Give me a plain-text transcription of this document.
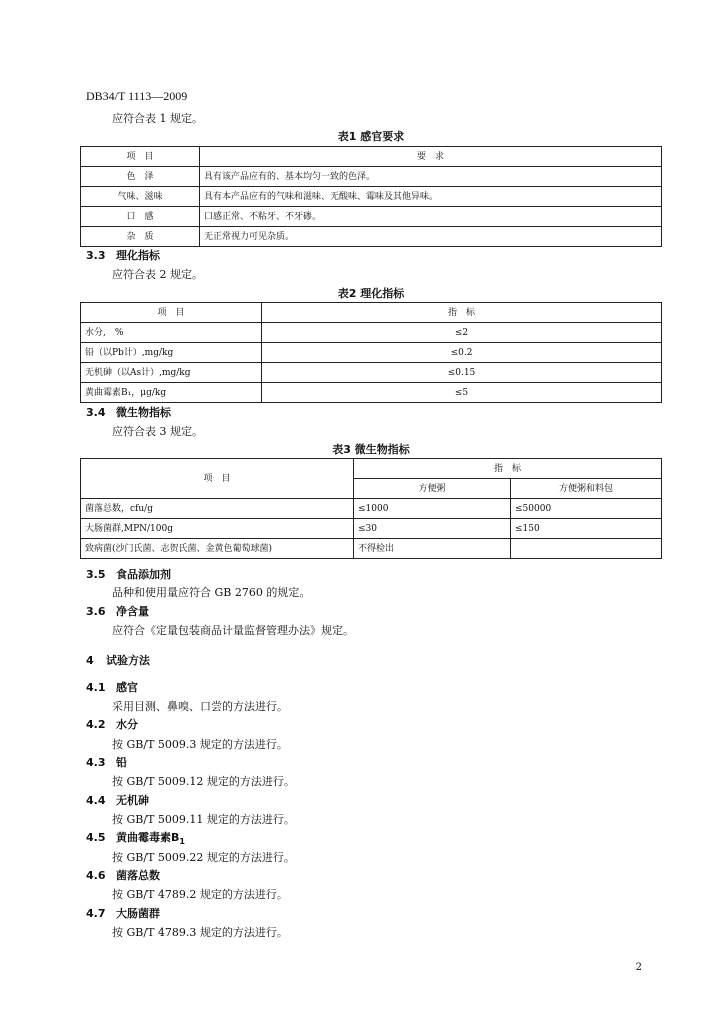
DB34/T 1113—2009
应符合表 1 规定。
表1 感官要求
项　目	要　求
色　泽	具有该产品应有的、基本均匀一致的色泽。
气味、滋味	具有本产品应有的气味和滋味、无酸味、霉味及其他异味。
口　感	口感正常、不粘牙、不牙碜。
杂　质	无正常视力可见杂质。
3.3 理化指标
应符合表 2 规定。
表2 理化指标
项　目	指　标
水分,　%	≤2
铅（以Pb计）,mg/kg	≤0.2
无机砷（以As计）,mg/kg	≤0.15
黄曲霉素B₁，μg/kg	≤5
3.4 微生物指标
应符合表 3 规定。
表3 微生物指标
项　目	指　标	
	方便粥	方便粥和料包
菌落总数，cfu/g	≤1000	≤50000
大肠菌群,MPN/100g	≤30	≤150
致病菌(沙门氏菌、志贺氏菌、金黄色葡萄球菌)	不得检出	
3.5 食品添加剂
品种和使用量应符合 GB 2760 的规定。
3.6 净含量
应符合《定量包装商品计量监督管理办法》规定。
4 试验方法
4.1 感官
采用目测、鼻嗅、口尝的方法进行。
4.2 水分
按 GB/T 5009.3 规定的方法进行。
4.3 铅
按 GB/T 5009.12 规定的方法进行。
4.4 无机砷
按 GB/T 5009.11 规定的方法进行。
4.5 黄曲霉毒素$B_1$
按 GB/T 5009.22 规定的方法进行。
4.6 菌落总数
按 GB/T 4789.2 规定的方法进行。
4.7 大肠菌群
按 GB/T 4789.3 规定的方法进行。
2
